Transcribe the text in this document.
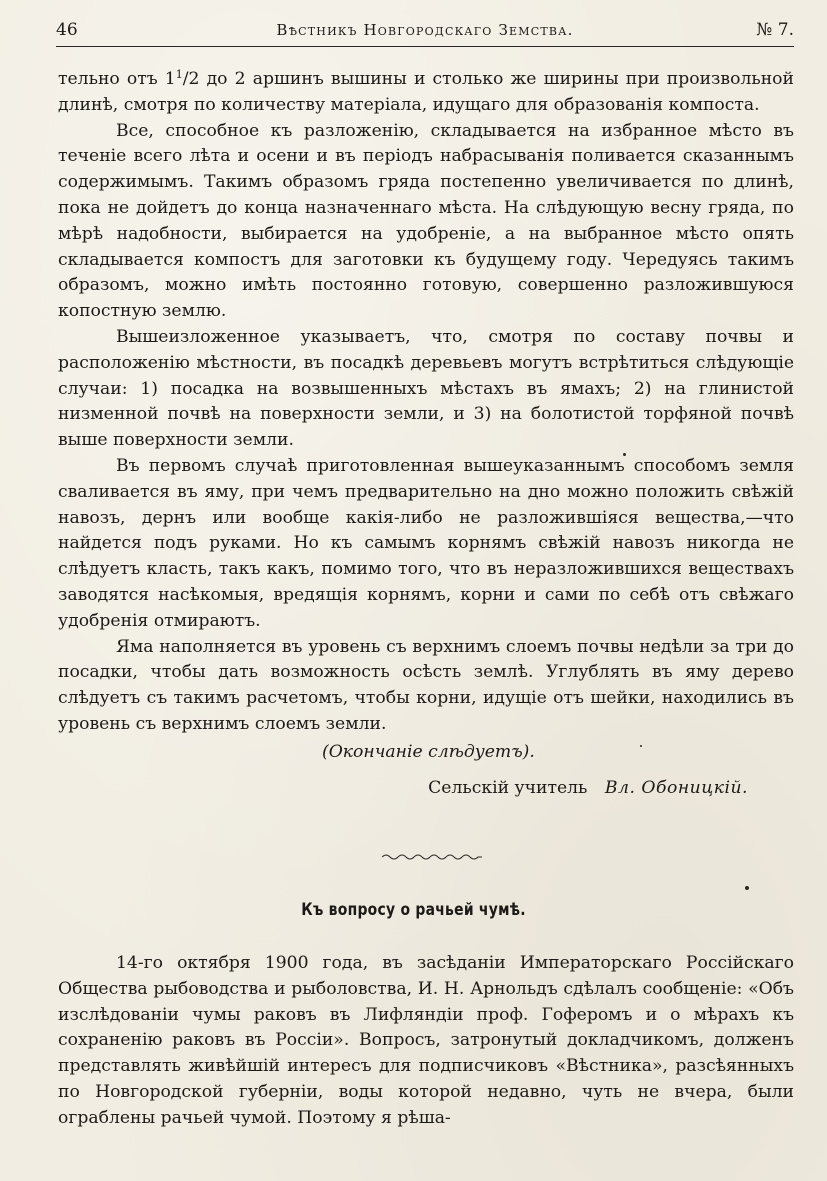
46	Вѣстникъ Новгородскаго Земства.	№ 7.

тельно отъ $1^1/2$ до 2 аршинъ вышины и столько же ширины при произвольной длинѣ, смотря по количеству матеріала, идущаго для образованія компоста.

Все, способное къ разложенію, складывается на избранное мѣсто въ теченіе всего лѣта и осени и въ періодъ набрасыванія поливается сказаннымъ содержимымъ. Такимъ образомъ гряда постепенно увеличивается по длинѣ, пока не дойдетъ до конца назначеннаго мѣста. На слѣдующую весну гряда, по мѣрѣ надобности, выбирается на удобреніе, а на выбранное мѣсто опять складывается компостъ для заготовки къ будущему году. Чередуясь такимъ образомъ, можно имѣть постоянно готовую, совершенно разложившуюся копостную землю.

Вышеизложенное указываетъ, что, смотря по составу почвы и расположенію мѣстности, въ посадкѣ деревьевъ могутъ встрѣтиться слѣдующіе случаи: 1) посадка на возвышенныхъ мѣстахъ въ ямахъ; 2) на глинистой низменной почвѣ на поверхности земли, и 3) на болотистой торфяной почвѣ выше поверхности земли.

Въ первомъ случаѣ приготовленная вышеуказаннымъ способомъ земля сваливается въ яму, при чемъ предварительно на дно можно положить свѣжій навозъ, дернъ или вообще какія-либо не разложившіяся вещества,—что найдется подъ руками. Но къ самымъ корнямъ свѣжій навозъ никогда не слѣдуетъ класть, такъ какъ, помимо того, что въ неразложившихся веществахъ заводятся насѣкомыя, вредящія корнямъ, корни и сами по себѣ отъ свѣжаго удобренія отмираютъ.

Яма наполняется въ уровень съ верхнимъ слоемъ почвы недѣли за три до посадки, чтобы дать возможность осѣсть землѣ. Углублять въ яму дерево слѣдуетъ съ такимъ расчетомъ, чтобы корни, идущіе отъ шейки, находились въ уровень съ верхнимъ слоемъ земли.

(Окончаніе слѣдуетъ).
Сельскій учитель Вл. Обоницкій.
Къ вопросу о рачьей чумѣ.

14-го октября 1900 года, въ засѣданіи Императорскаго Россійскаго Общества рыбоводства и рыболовства, И. Н. Арнольдъ сдѣлалъ сообщеніе: «Объ изслѣдованіи чумы раковъ въ Лифляндіи проф. Гоферомъ и о мѣрахъ къ сохраненію раковъ въ Россіи». Вопросъ, затронутый докладчикомъ, долженъ представлять живѣйшій интересъ для подписчиковъ «Вѣстника», разсѣянныхъ по Новгородской губерніи, воды которой недавно, чуть не вчера, были ограблены рачьей чумой. Поэтому я рѣша-
